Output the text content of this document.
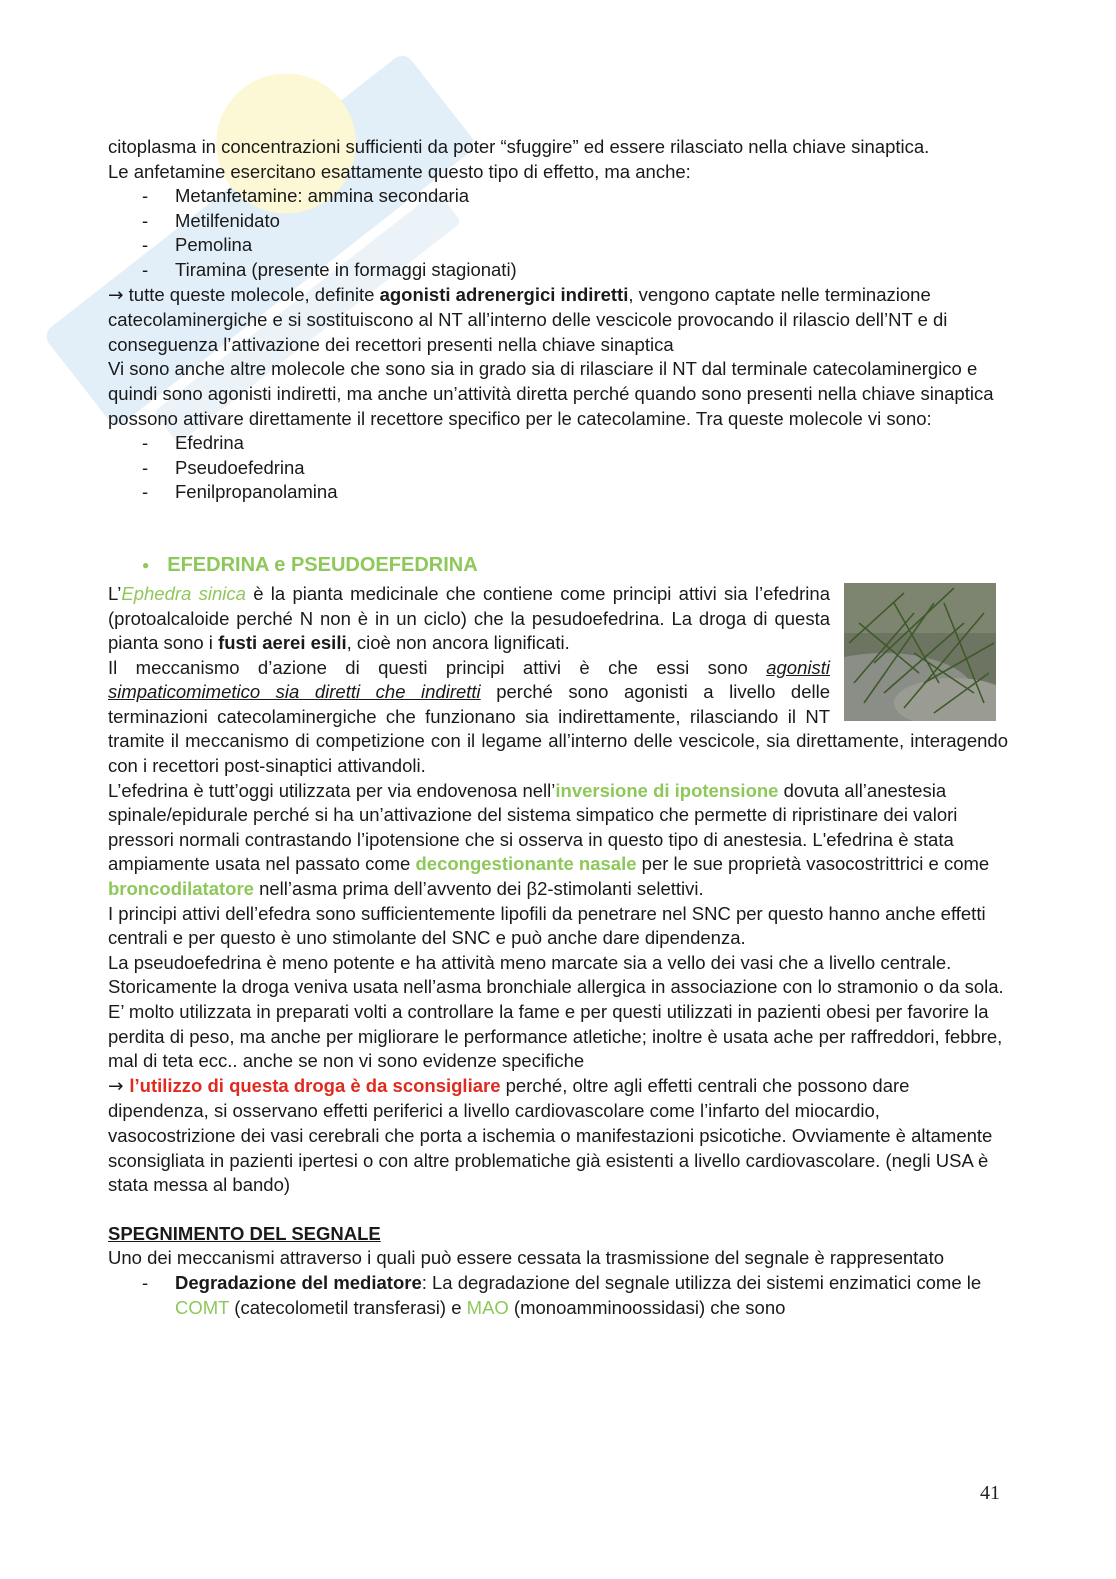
citoplasma in concentrazioni sufficienti da poter “sfuggire” ed essere rilasciato nella chiave sinaptica.

Le anfetamine esercitano esattamente questo tipo di effetto, ma anche:

- Metanfetamine: ammina secondaria
- Metilfenidato
- Pemolina
- Tiramina (presente in formaggi stagionati)

→ tutte queste molecole, definite agonisti adrenergici indiretti, vengono captate nelle terminazione catecolaminergiche e si sostituiscono al NT all’interno delle vescicole provocando il rilascio dell’NT e di conseguenza l’attivazione dei recettori presenti nella chiave sinaptica

Vi sono anche altre molecole che sono sia in grado sia di rilasciare il NT dal terminale catecolaminergico e quindi sono agonisti indiretti, ma anche un’attività diretta perché quando sono presenti nella chiave sinaptica possono attivare direttamente il recettore specifico per le catecolamine. Tra queste molecole vi sono:

- Efedrina
- Pseudoefedrina
- Fenilpropanolamina
● EFEDRINA e PSEUDOEFEDRINA

L’Ephedra sinica è la pianta medicinale che contiene come principi attivi sia l’efedrina (protoalcaloide perché N non è in un ciclo) che la pesudoefedrina. La droga di questa pianta sono i fusti aerei esili, cioè non ancora lignificati.

Il meccanismo d’azione di questi principi attivi è che essi sono agonisti simpaticomimetico sia diretti che indiretti perché sono agonisti a livello delle terminazioni catecolaminergiche che funzionano sia indirettamente, rilasciando il NT tramite il meccanismo di competizione con il legame all’interno delle vescicole, sia direttamente, interagendo con i recettori post-sinaptici attivandoli.

L’efedrina è tutt’oggi utilizzata per via endovenosa nell’inversione di ipotensione dovuta all’anestesia spinale/epidurale perché si ha un’attivazione del sistema simpatico che permette di ripristinare dei valori pressori normali contrastando l’ipotensione che si osserva in questo tipo di anestesia. L'efedrina è stata ampiamente usata nel passato come decongestionante nasale per le sue proprietà vasocostrittrici e come broncodilatatore nell’asma prima dell’avvento dei β2-stimolanti selettivi.

I principi attivi dell’efedra sono sufficientemente lipofili da penetrare nel SNC per questo hanno anche effetti centrali e per questo è uno stimolante del SNC e può anche dare dipendenza.

La pseudoefedrina è meno potente e ha attività meno marcate sia a vello dei vasi che a livello centrale.

Storicamente la droga veniva usata nell’asma bronchiale allergica in associazione con lo stramonio o da sola. E’ molto utilizzata in preparati volti a controllare la fame e per questi utilizzati in pazienti obesi per favorire la perdita di peso, ma anche per migliorare le performance atletiche; inoltre è usata ache per raffreddori, febbre, mal di teta ecc.. anche se non vi sono evidenze specifiche

→ l’utilizzo di questa droga è da sconsigliare perché, oltre agli effetti centrali che possono dare dipendenza, si osservano effetti periferici a livello cardiovascolare come l’infarto del miocardio, vasocostrizione dei vasi cerebrali che porta a ischemia o manifestazioni psicotiche. Ovviamente è altamente sconsigliata in pazienti ipertesi o con altre problematiche già esistenti a livello cardiovascolare. (negli USA è stata messa al bando)

SPEGNIMENTO DEL SEGNALE

Uno dei meccanismi attraverso i quali può essere cessata la trasmissione del segnale è rappresentato

- Degradazione del mediatore: La degradazione del segnale utilizza dei sistemi enzimatici come le COMT (catecolometil transferasi) e MAO (monoamminoossidasi) che sono
41
